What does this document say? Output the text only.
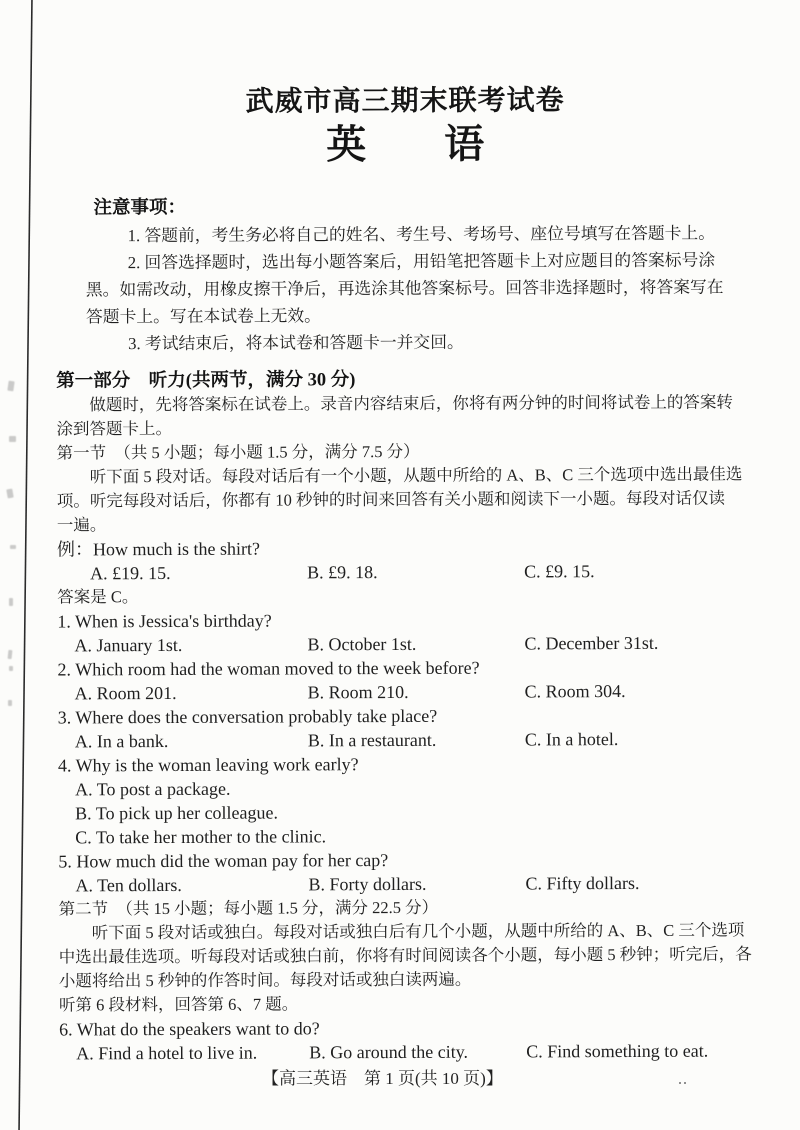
武威市高三期末联考试卷
英 语
注意事项：
1. 答题前，考生务必将自己的姓名、考生号、考场号、座位号填写在答题卡上。
2. 回答选择题时，选出每小题答案后，用铅笔把答题卡上对应题目的答案标号涂
黑。如需改动，用橡皮擦干净后，再选涂其他答案标号。回答非选择题时，将答案写在
答题卡上。写在本试卷上无效。
3. 考试结束后，将本试卷和答题卡一并交回。
第一部分　听力(共两节，满分 30 分)
做题时，先将答案标在试卷上。录音内容结束后，你将有两分钟的时间将试卷上的答案转
涂到答题卡上。
第一节　（共 5 小题；每小题 1.5 分，满分 7.5 分）
听下面 5 段对话。每段对话后有一个小题，从题中所给的 A、B、C 三个选项中选出最佳选
项。听完每段对话后，你都有 10 秒钟的时间来回答有关小题和阅读下一小题。每段对话仅读
一遍。
例：How much is the shirt?
A. £19. 15.	B. £9. 18.	C. £9. 15.
答案是 C。
1. When is Jessica's birthday?
A. January 1st.	B. October 1st.	C. December 31st.
2. Which room had the woman moved to the week before?
A. Room 201.	B. Room 210.	C. Room 304.
3. Where does the conversation probably take place?
A. In a bank.	B. In a restaurant.	C. In a hotel.
4. Why is the woman leaving work early?
A. To post a package.
B. To pick up her colleague.
C. To take her mother to the clinic.
5. How much did the woman pay for her cap?
A. Ten dollars.	B. Forty dollars.	C. Fifty dollars.
第二节　（共 15 小题；每小题 1.5 分，满分 22.5 分）
听下面 5 段对话或独白。每段对话或独白后有几个小题，从题中所给的 A、B、C 三个选项
中选出最佳选项。听每段对话或独白前，你将有时间阅读各个小题，每小题 5 秒钟；听完后，各
小题将给出 5 秒钟的作答时间。每段对话或独白读两遍。
听第 6 段材料，回答第 6、7 题。
6. What do the speakers want to do?
A. Find a hotel to live in.	B. Go around the city.	C. Find something to eat.
【高三英语　第 1 页(共 10 页)】
